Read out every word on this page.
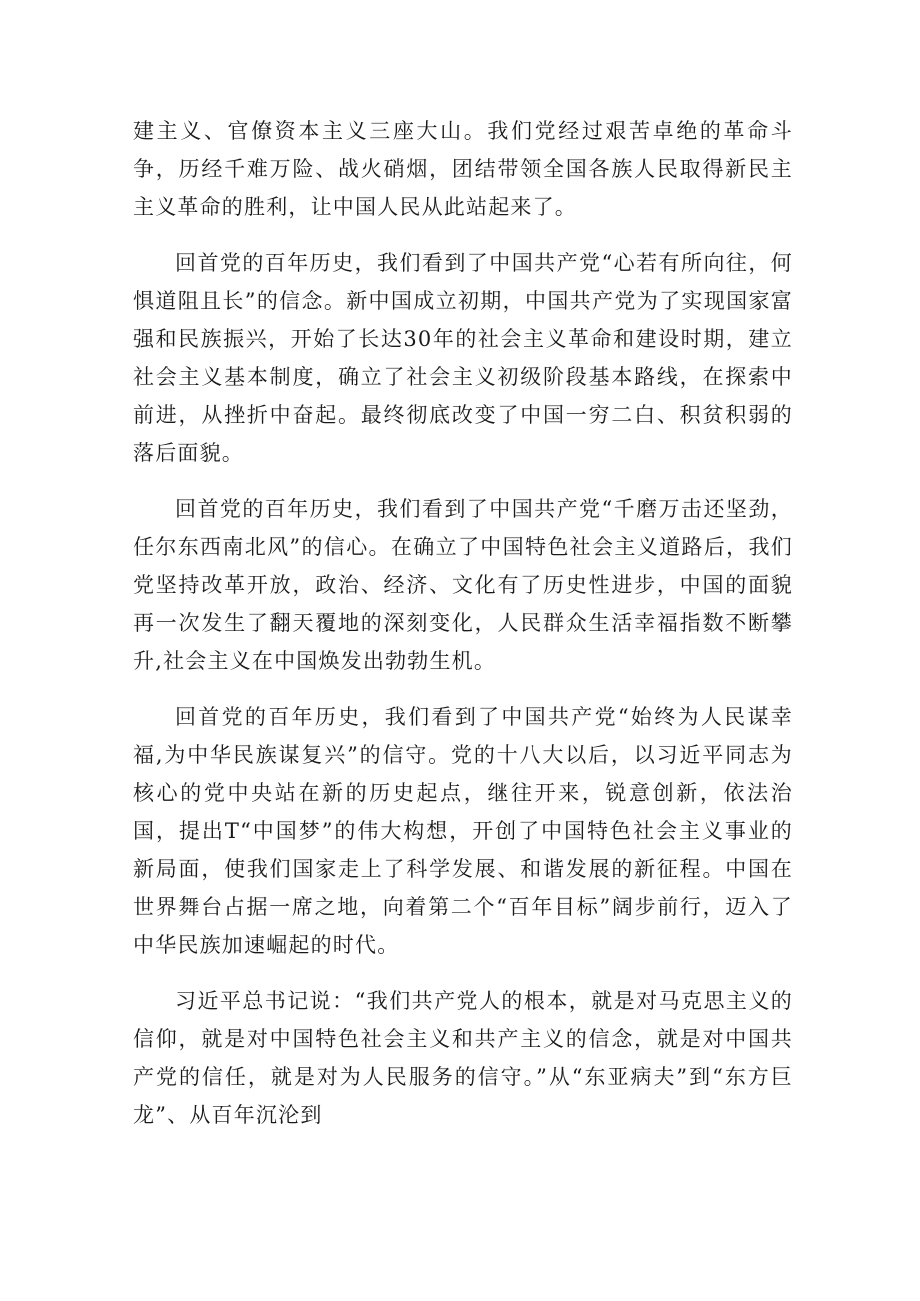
建主义、官僚资本主义三座大山。我们党经过艰苦卓绝的革命斗争，历经千难万险、战火硝烟，团结带领全国各族人民取得新民主主义革命的胜利，让中国人民从此站起来了。

回首党的百年历史，我们看到了中国共产党“心若有所向往，何惧道阻且长”的信念。新中国成立初期，中国共产党为了实现国家富强和民族振兴，开始了长达30年的社会主义革命和建设时期，建立社会主义基本制度，确立了社会主义初级阶段基本路线，在探索中前进，从挫折中奋起。最终彻底改变了中国一穷二白、积贫积弱的落后面貌。

回首党的百年历史，我们看到了中国共产党“千磨万击还坚劲，任尔东西南北风”的信心。在确立了中国特色社会主义道路后，我们党坚持改革开放，政治、经济、文化有了历史性进步，中国的面貌再一次发生了翻天覆地的深刻变化，人民群众生活幸福指数不断攀升,社会主义在中国焕发出勃勃生机。

回首党的百年历史，我们看到了中国共产党“始终为人民谋幸福,为中华民族谋复兴”的信守。党的十八大以后，以习近平同志为核心的党中央站在新的历史起点，继往开来，锐意创新，依法治国，提出T“中国梦”的伟大构想，开创了中国特色社会主义事业的新局面，使我们国家走上了科学发展、和谐发展的新征程。中国在世界舞台占据一席之地，向着第二个“百年目标”阔步前行，迈入了中华民族加速崛起的时代。

习近平总书记说：“我们共产党人的根本，就是对马克思主义的信仰，就是对中国特色社会主义和共产主义的信念，就是对中国共产党的信任，就是对为人民服务的信守。”从“东亚病夫”到“东方巨龙”、从百年沉沦到
